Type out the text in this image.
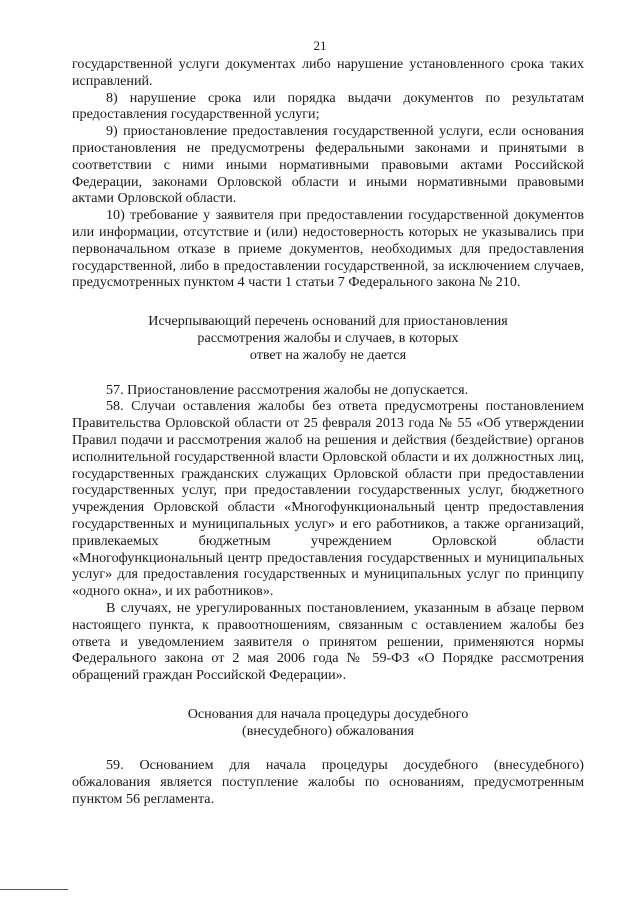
21

государственной услуги документах либо нарушение установленного срока таких исправлений.

8) нарушение срока или порядка выдачи документов по результатам предоставления государственной услуги;

9) приостановление предоставления государственной услуги, если основания приостановления не предусмотрены федеральными законами и принятыми в соответствии с ними иными нормативными правовыми актами Российской Федерации, законами Орловской области и иными нормативными правовыми актами Орловской области.

10) требование у заявителя при предоставлении государственной документов или информации, отсутствие и (или) недостоверность которых не указывались при первоначальном отказе в приеме документов, необходимых для предоставления государственной, либо в предоставлении государственной, за исключением случаев, предусмотренных пунктом 4 части 1 статьи 7 Федерального закона № 210.

Исчерпывающий перечень оснований для приостановления
рассмотрения жалобы и случаев, в которых
ответ на жалобу не дается

57. Приостановление рассмотрения жалобы не допускается.

58. Случаи оставления жалобы без ответа предусмотрены постановлением Правительства Орловской области от 25 февраля 2013 года № 55 «Об утверждении Правил подачи и рассмотрения жалоб на решения и действия (бездействие) органов исполнительной государственной власти Орловской области и их должностных лиц, государственных гражданских служащих Орловской области при предоставлении государственных услуг, при предоставлении государственных услуг, бюджетного учреждения Орловской области «Многофункциональный центр предоставления государственных и муниципальных услуг» и его работников, а также организаций, привлекаемых бюджетным учреждением Орловской области «Многофункциональный центр предоставления государственных и муниципальных услуг» для предоставления государственных и муниципальных услуг по принципу «одного окна», и их работников».

В случаях, не урегулированных постановлением, указанным в абзаце первом настоящего пункта, к правоотношениям, связанным с оставлением жалобы без ответа и уведомлением заявителя о принятом решении, применяются нормы Федерального закона от 2 мая 2006 года № 59-ФЗ «О Порядке рассмотрения обращений граждан Российской Федерации».

Основания для начала процедуры досудебного
(внесудебного) обжалования

59. Основанием для начала процедуры досудебного (внесудебного) обжалования является поступление жалобы по основаниям, предусмотренным пунктом 56 регламента.
